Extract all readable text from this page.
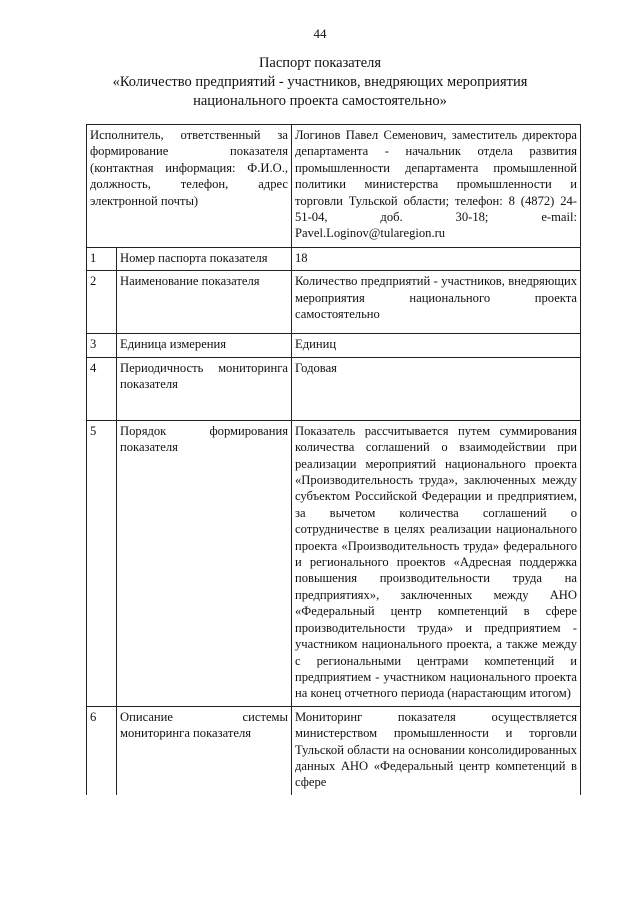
44
Паспорт показателя
«Количество предприятий - участников, внедряющих мероприятия
национального проекта самостоятельно»
Исполнитель, ответственный за формирование показателя (контактная информация: Ф.И.О., должность, телефон, адрес электронной почты)		Логинов Павел Семенович, заместитель директора департамента - начальник отдела развития промышленности департамента промышленной политики министерства промышленности и торговли Тульской области; телефон: 8 (4872) 24-51-04, доб. 30-18; e-mail: Pavel.Loginov@tularegion.ru
1	Номер паспорта показателя	18
2	Наименование показателя	Количество предприятий - участников, внедряющих мероприятия национального проекта самостоятельно
3	Единица измерения	Единиц
4	Периодичность мониторинга показателя	Годовая
5	Порядок формирования показателя	Показатель рассчитывается путем суммирования количества соглашений о взаимодействии при реализации мероприятий национального проекта «Производительность труда», заключенных между субъектом Российской Федерации и предприятием, за вычетом количества соглашений о сотрудничестве в целях реализации национального проекта «Производительность труда» федерального и регионального проектов «Адресная поддержка повышения производительности труда на предприятиях», заключенных между АНО «Федеральный центр компетенций в сфере производительности труда» и предприятием - участником национального проекта, а также между с региональными центрами компетенций и предприятием - участником национального проекта на конец отчетного периода (нарастающим итогом)
6	Описание системы мониторинга показателя	Мониторинг показателя осуществляется министерством промышленности и торговли Тульской области на основании консолидированных данных АНО «Федеральный центр компетенций в сфере
